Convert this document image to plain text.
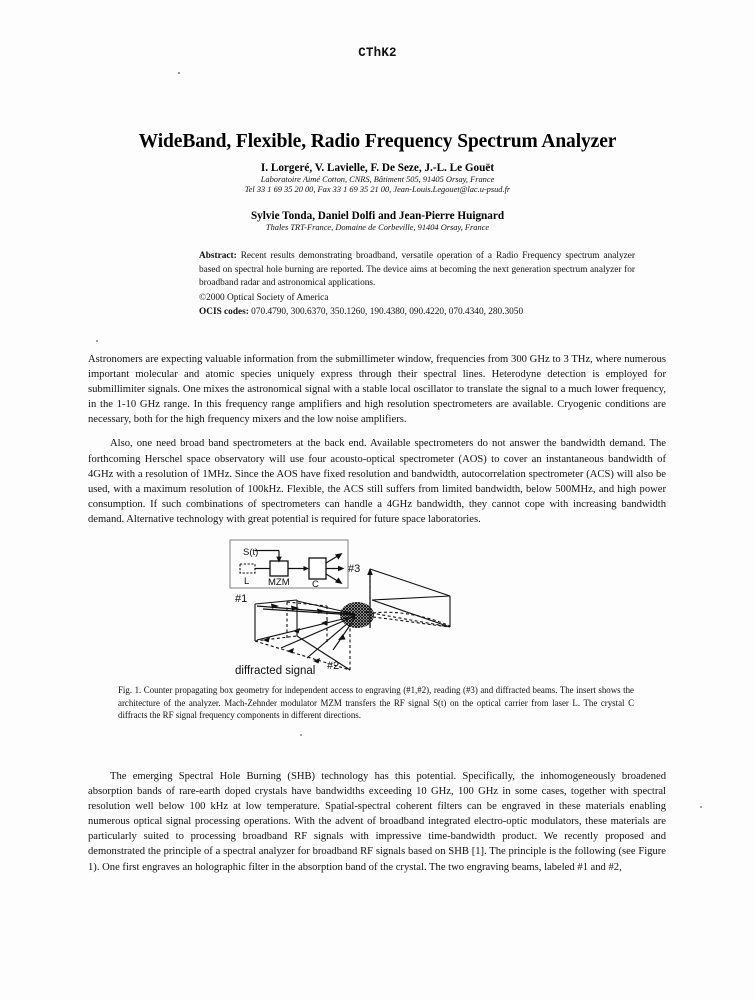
CThK2
WideBand, Flexible, Radio Frequency Spectrum Analyzer
I. Lorgeré, V. Lavielle, F. De Seze, J.-L. Le Gouët
Laboratoire Aimé Cotton, CNRS, Bâtiment 505, 91405 Orsay, France
Tel 33 1 69 35 20 00, Fax 33 1 69 35 21 00, Jean-Louis.Legouet@lac.u-psud.fr
Sylvie Tonda, Daniel Dolfi and Jean-Pierre Huignard
Thales TRT-France, Domaine de Corbeville, 91404 Orsay, France
Abstract: Recent results demonstrating broadband, versatile operation of a Radio Frequency spectrum analyzer based on spectral hole burning are reported. The device aims at becoming the next generation spectrum analyzer for broadband radar and astronomical applications.
©2000 Optical Society of America
OCIS codes: 070.4790, 300.6370, 350.1260, 190.4380, 090.4220, 070.4340, 280.3050

Astronomers are expecting valuable information from the submillimeter window, frequencies from 300 GHz to 3 THz, where numerous important molecular and atomic species uniquely express through their spectral lines. Heterodyne detection is employed for submillimiter signals. One mixes the astronomical signal with a stable local oscillator to translate the signal to a much lower frequency, in the 1-10 GHz range. In this frequency range amplifiers and high resolution spectrometers are available. Cryogenic conditions are necessary, both for the high frequency mixers and the low noise amplifiers.

Also, one need broad band spectrometers at the back end. Available spectrometers do not answer the bandwidth demand. The forthcoming Herschel space observatory will use four acousto-optical spectrometer (AOS) to cover an instantaneous bandwidth of 4GHz with a resolution of 1MHz. Since the AOS have fixed resolution and bandwidth, autocorrelation spectrometer (ACS) will also be used, with a maximum resolution of 100kHz. Flexible, the ACS still suffers from limited bandwidth, below 500MHz, and high power consumption. If such combinations of spectrometers can handle a 4GHz bandwidth, they cannot cope with increasing bandwidth demand. Alternative technology with great potential is required for future space laboratories.

S(t)
L MZM C
#1
#2
#3
diffracted signal
Fig. 1. Counter propagating box geometry for independent access to engraving (#1,#2), reading (#3) and diffracted beams. The insert shows the architecture of the analyzer. Mach-Zehnder modulator MZM transfers the RF signal S(t) on the optical carrier from laser L. The crystal C diffracts the RF signal frequency components in different directions.

The emerging Spectral Hole Burning (SHB) technology has this potential. Specifically, the inhomogeneously broadened absorption bands of rare-earth doped crystals have bandwidths exceeding 10 GHz, 100 GHz in some cases, together with spectral resolution well below 100 kHz at low temperature. Spatial-spectral coherent filters can be engraved in these materials enabling numerous optical signal processing operations. With the advent of broadband integrated electro-optic modulators, these materials are particularly suited to processing broadband RF signals with impressive time-bandwidth product. We recently proposed and demonstrated the principle of a spectral analyzer for broadband RF signals based on SHB [1]. The principle is the following (see Figure 1). One first engraves an holographic filter in the absorption band of the crystal. The two engraving beams, labeled #1 and #2,
